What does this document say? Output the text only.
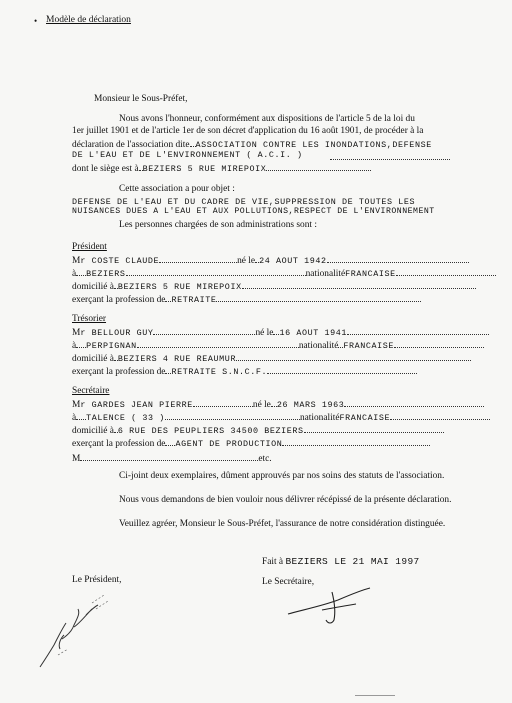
• Modèle de déclaration
Monsieur le Sous-Préfet,
Nous avons l'honneur, conformément aux dispositions de l'article 5 de la loi du
1er juillet 1901 et de l'article 1er de son décret d'application du 16 août 1901, de procéder à la
déclaration de l'association dite ASSOCIATION CONTRE LES INONDATIONS,DEFENSE
DE L'EAU ET DE L'ENVIRONNEMENT ( A.C.I. )
dont le siège est à BEZIERS 5 RUE MIREPOIX
Cette association a pour objet :
DEFENSE DE L'EAU ET DU CADRE DE VIE,SUPPRESSION DE TOUTES LES
NUISANCES DUES A L'EAU ET AUX POLLUTIONS,RESPECT DE L'ENVIRONNEMENT
Les personnes chargées de son administrations sont :
Président
Mr COSTE CLAUDE	né le 24 AOUT 1942
à BEZIERS	nationalitéFRANCAISE
domicilié à BEZIERS 5 RUE MIREPOIX
exerçant la profession de RETRAITE
Trésorier
Mr BELLOUR GUY	né le 16 AOUT 1941
à PERPIGNAN	nationalité FRANCAISE
domicilié à BEZIERS 4 RUE REAUMUR
exerçant la profession de RETRAITE S.N.C.F.
Secrétaire
Mr GARDES JEAN PIERRE	né le 26 MARS 1963
à TALENCE ( 33 )	nationalitéFRANCAISE
domicilié à 6 RUE DES PEUPLIERS 34500 BEZIERS
exerçant la profession de AGENT DE PRODUCTION
M	etc.
Ci-joint deux exemplaires, dûment approuvés par nos soins des statuts de l'association.
Nous vous demandons de bien vouloir nous délivrer récépissé de la présente déclaration.
Veuillez agréer, Monsieur le Sous-Préfet, l'assurance de notre considération distinguée.
Fait à BEZIERS LE 21 MAI 1997
Le Président,	Le Secrétaire,
